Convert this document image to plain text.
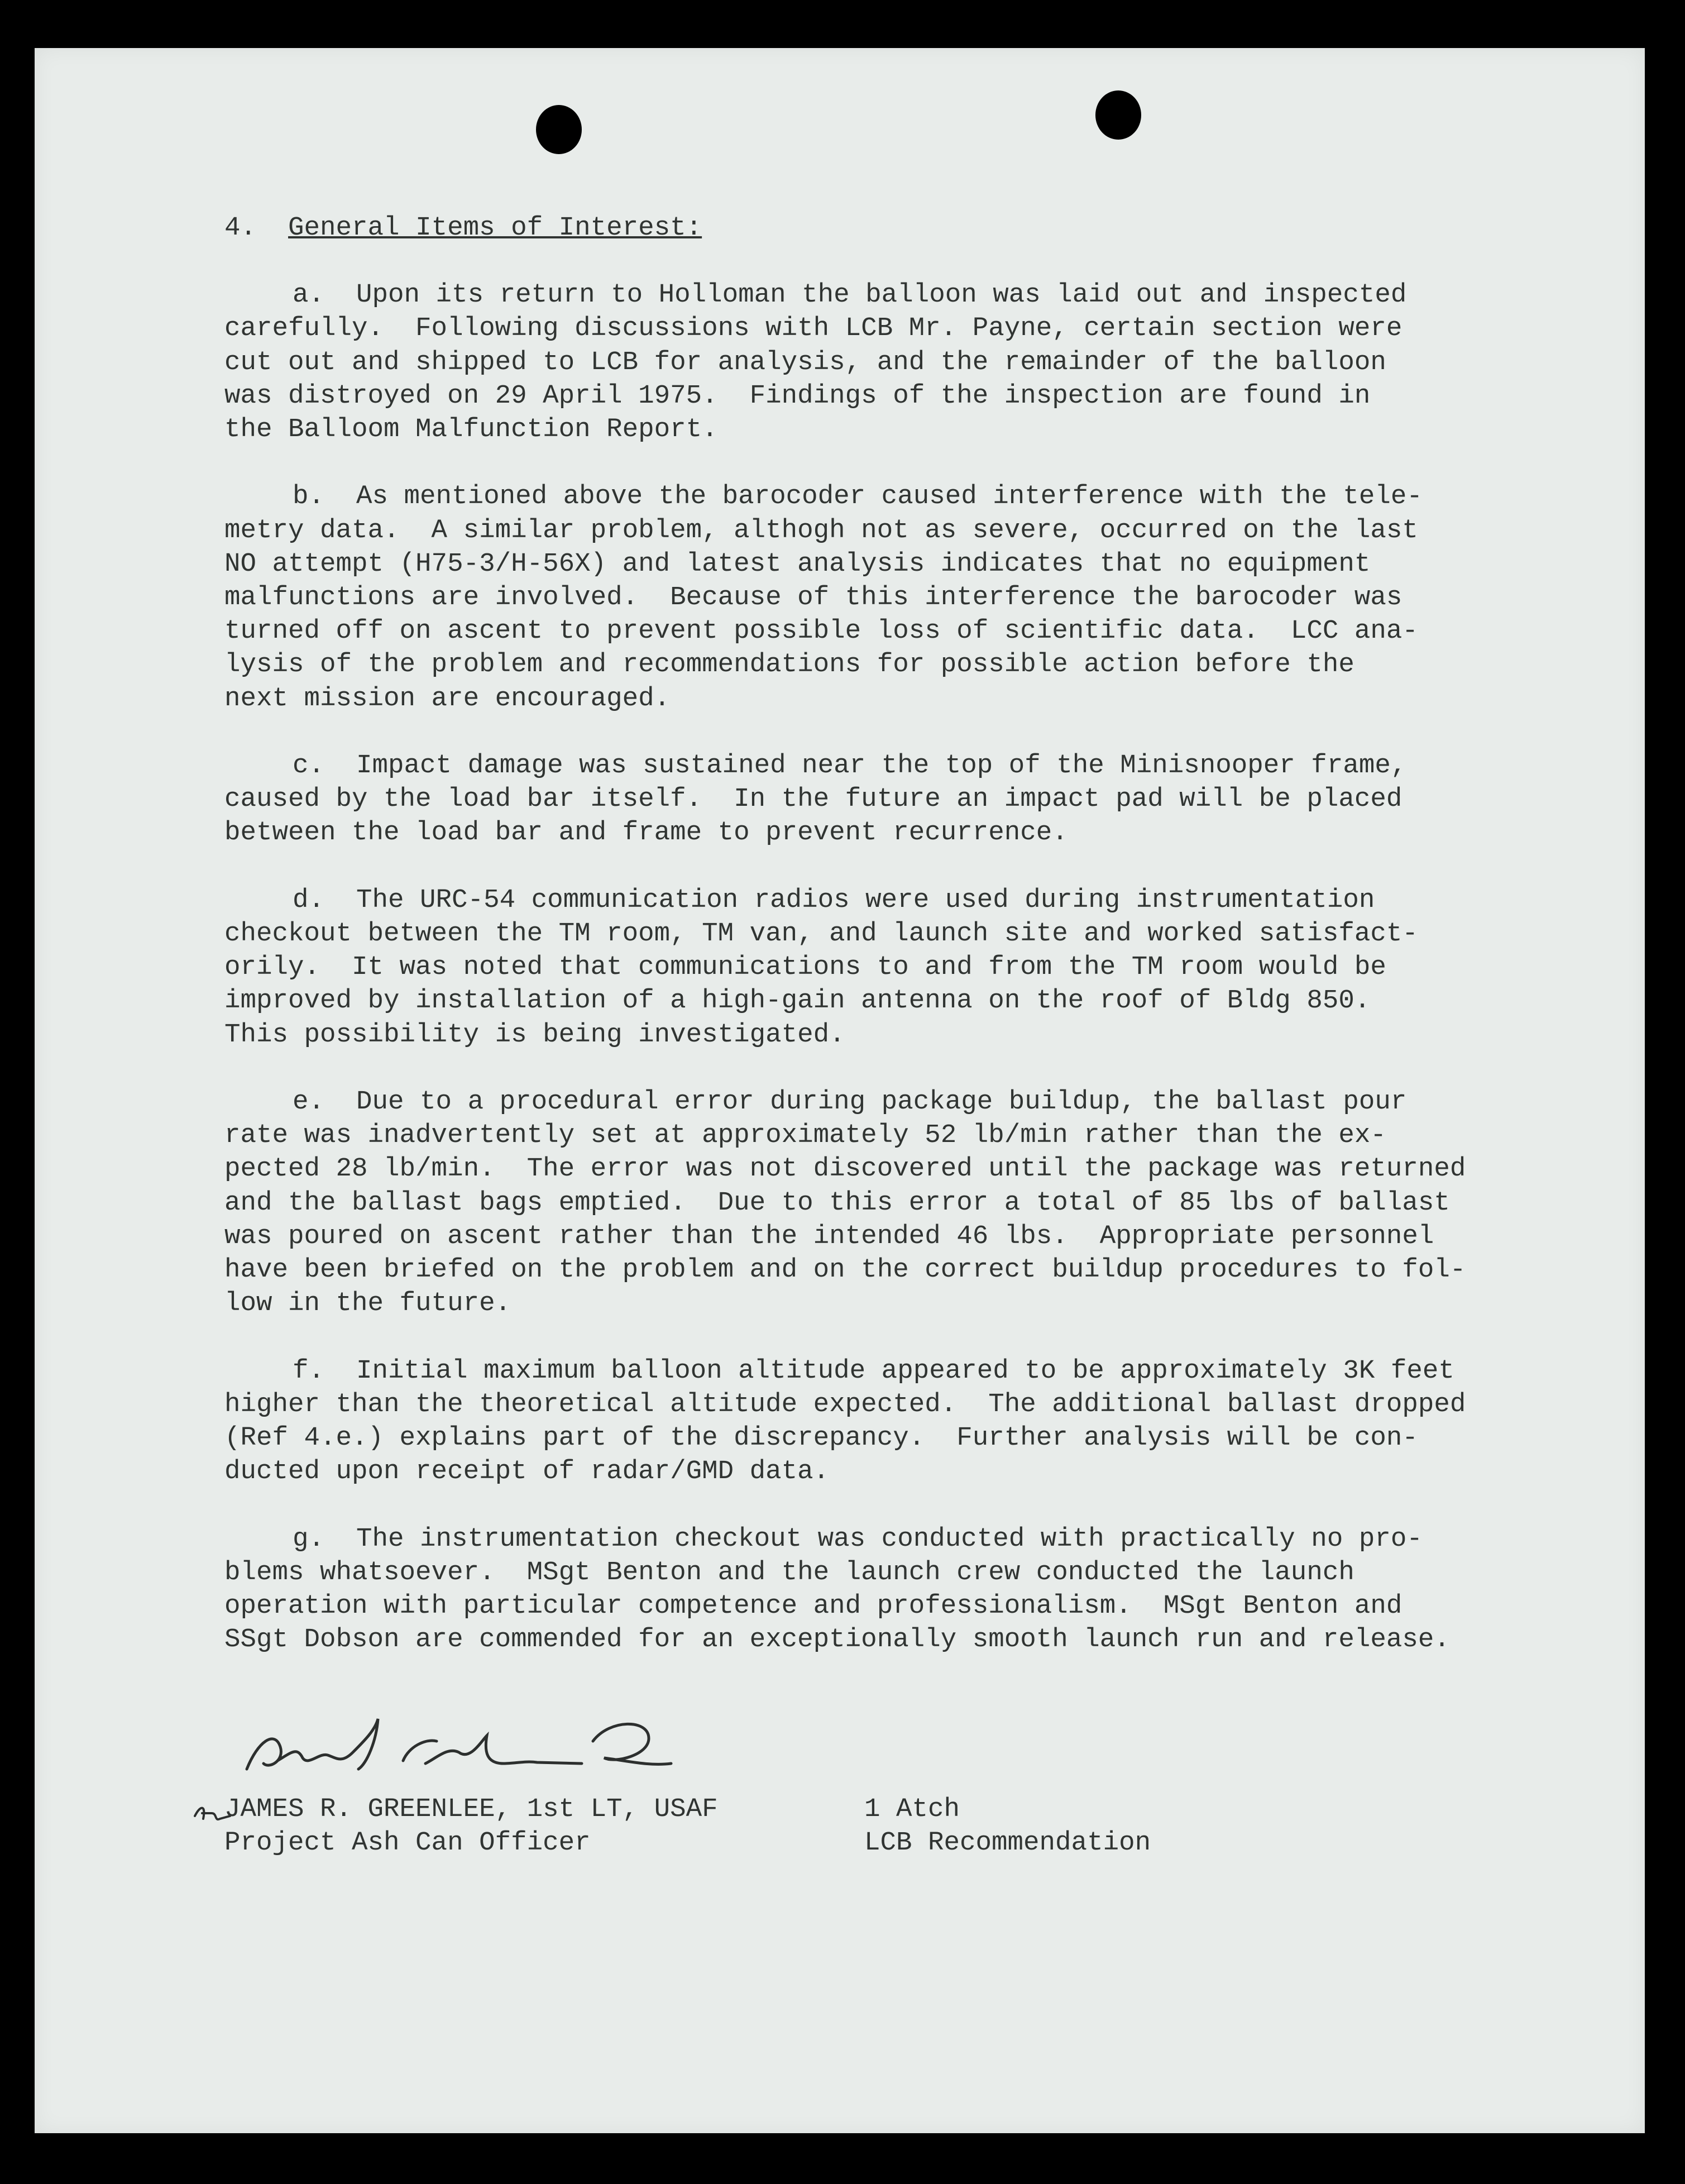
4. General Items of Interest:
a. Upon its return to Holloman the balloon was laid out and inspected
carefully.  Following discussions with LCB Mr. Payne, certain section were
cut out and shipped to LCB for analysis, and the remainder of the balloon
was distroyed on 29 April 1975.  Findings of the inspection are found in
the Balloom Malfunction Report.
b. As mentioned above the barocoder caused interference with the tele-
metry data.  A similar problem, althogh not as severe, occurred on the last
NO attempt (H75-3/H-56X) and latest analysis indicates that no equipment
malfunctions are involved.  Because of this interference the barocoder was
turned off on ascent to prevent possible loss of scientific data.  LCC ana-
lysis of the problem and recommendations for possible action before the
next mission are encouraged.
c. Impact damage was sustained near the top of the Minisnooper frame,
caused by the load bar itself.  In the future an impact pad will be placed
between the load bar and frame to prevent recurrence.
d. The URC-54 communication radios were used during instrumentation
checkout between the TM room, TM van, and launch site and worked satisfact-
orily.  It was noted that communications to and from the TM room would be
improved by installation of a high-gain antenna on the roof of Bldg 850.
This possibility is being investigated.
e. Due to a procedural error during package buildup, the ballast pour
rate was inadvertently set at approximately 52 lb/min rather than the ex-
pected 28 lb/min.  The error was not discovered until the package was returned
and the ballast bags emptied.  Due to this error a total of 85 lbs of ballast
was poured on ascent rather than the intended 46 lbs.  Appropriate personnel
have been briefed on the problem and on the correct buildup procedures to fol-
low in the future.
f. Initial maximum balloon altitude appeared to be approximately 3K feet
higher than the theoretical altitude expected.  The additional ballast dropped
(Ref 4.e.) explains part of the discrepancy.  Further analysis will be con-
ducted upon receipt of radar/GMD data.
g. The instrumentation checkout was conducted with practically no pro-
blems whatsoever.  MSgt Benton and the launch crew conducted the launch
operation with particular competence and professionalism.  MSgt Benton and
SSgt Dobson are commended for an exceptionally smooth launch run and release.
JAMES R. GREENLEE, 1st LT, USAF
Project Ash Can Officer
1 Atch
LCB Recommendation
